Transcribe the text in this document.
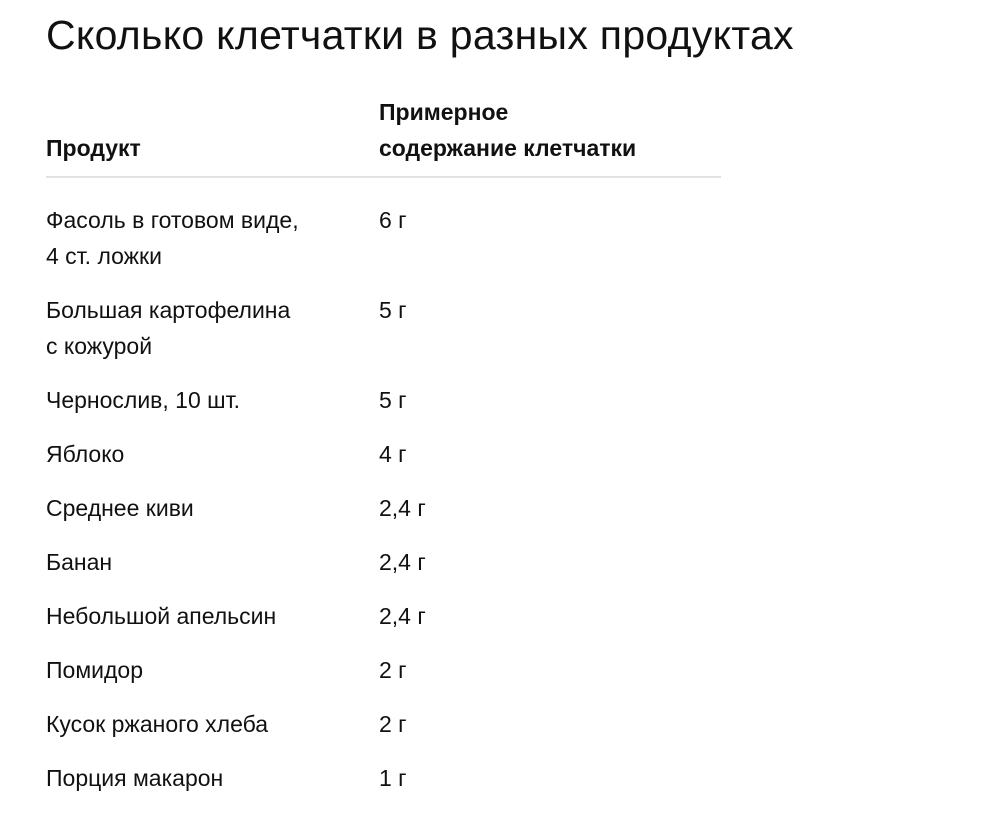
Сколько клетчатки в разных продуктах
Продукт	Примерное
содержание клетчатки
Фасоль в готовом виде,
4 ст. ложки	6 г
Большая картофелина
с кожурой	5 г
Чернослив, 10 шт.	5 г
Яблоко	4 г
Среднее киви	2,4 г
Банан	2,4 г
Небольшой апельсин	2,4 г
Помидор	2 г
Кусок ржаного хлеба	2 г
Порция макарон	1 г
